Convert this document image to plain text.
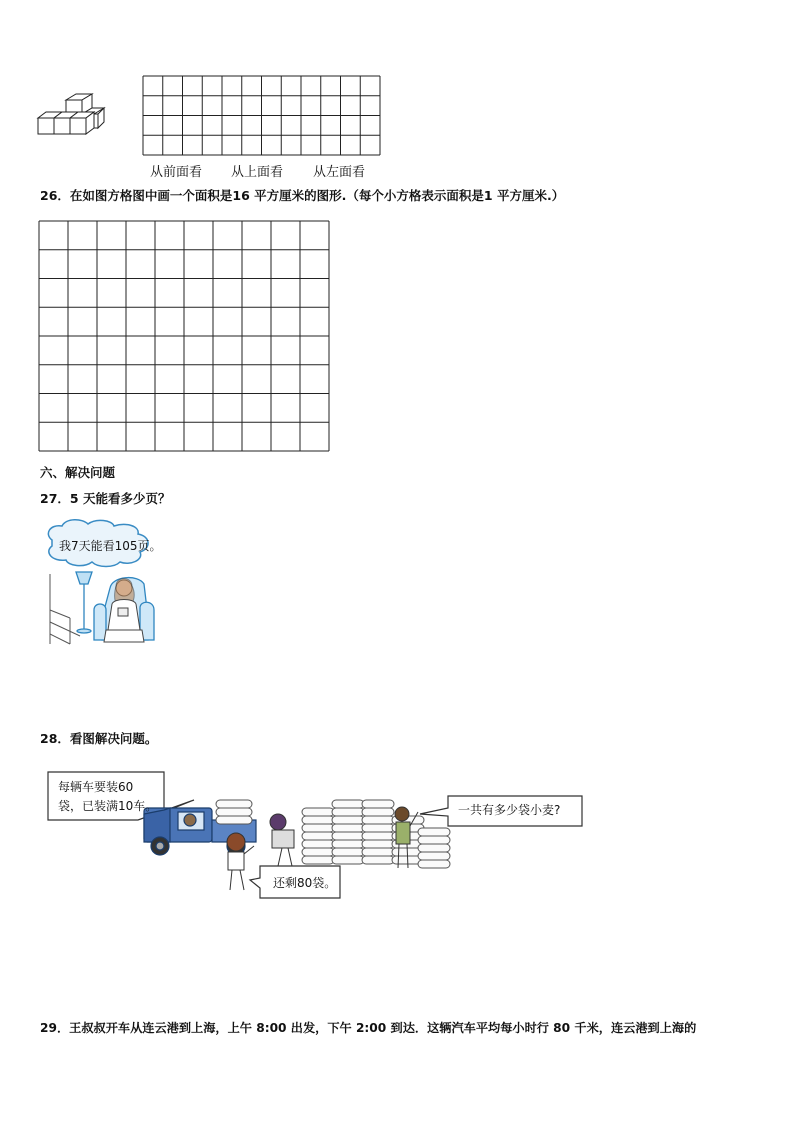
从前面看 从上面看 从左面看
26．在如图方格图中画一个面积是16 平方厘米的图形.（每个小方格表示面积是1 平方厘米.）
六、解决问题
27．5 天能看多少页？
我7天能看105页。
28．看图解决问题。
每辆车要装60
袋，已装满10车。	一共有多少袋小麦?
还剩80袋。
29．王叔叔开车从连云港到上海，上午 8:00 出发，下午 2:00 到达．这辆汽车平均每小时行 80 千米，连云港到上海的
